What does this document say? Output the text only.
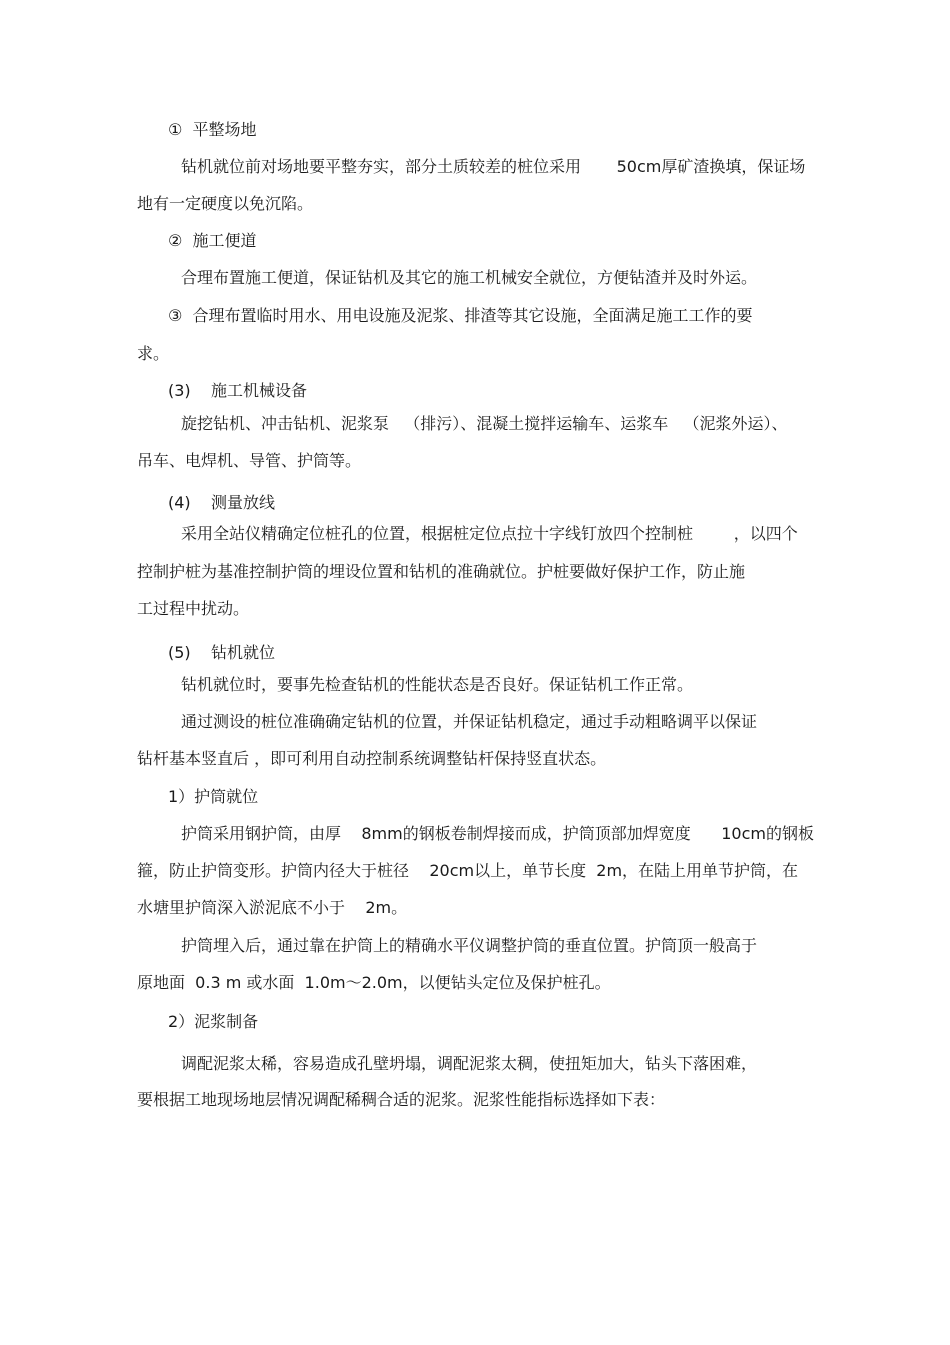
①  平整场地

钻机就位前对场地要平整夯实，部分土质较差的桩位采用       50cm厚矿渣换填，保证场

地有一定硬度以免沉陷。

②  施工便道

合理布置施工便道，保证钻机及其它的施工机械安全就位，方便钻渣并及时外运。

③  合理布置临时用水、用电设施及泥浆、排渣等其它设施，全面满足施工工作的要

求。

(3)    施工机械设备

旋挖钻机、冲击钻机、泥浆泵   （排污）、混凝土搅拌运输车、运浆车   （泥浆外运）、

吊车、电焊机、导管、护筒等。

(4)    测量放线

采用全站仪精确定位桩孔的位置，根据桩定位点拉十字线钉放四个控制桩        ，以四个

控制护桩为基准控制护筒的埋设位置和钻机的准确就位。护桩要做好保护工作，防止施

工过程中扰动。

(5)    钻机就位

钻机就位时，要事先检查钻机的性能状态是否良好。保证钻机工作正常。

通过测设的桩位准确确定钻机的位置，并保证钻机稳定，通过手动粗略调平以保证

钻杆基本竖直后 ，即可利用自动控制系统调整钻杆保持竖直状态。

1）护筒就位

护筒采用钢护筒，由厚    8mm的钢板卷制焊接而成，护筒顶部加焊宽度      10cm的钢板

箍，防止护筒变形。护筒内径大于桩径    20cm以上，单节长度  2m，在陆上用单节护筒，在

水塘里护筒深入淤泥底不小于    2m。

护筒埋入后，通过靠在护筒上的精确水平仪调整护筒的垂直位置。护筒顶一般高于

原地面  0.3 m 或水面  1.0m～2.0m，以便钻头定位及保护桩孔。

2）泥浆制备

调配泥浆太稀，容易造成孔壁坍塌，调配泥浆太稠，使扭矩加大，钻头下落困难，

要根据工地现场地层情况调配稀稠合适的泥浆。泥浆性能指标选择如下表：
